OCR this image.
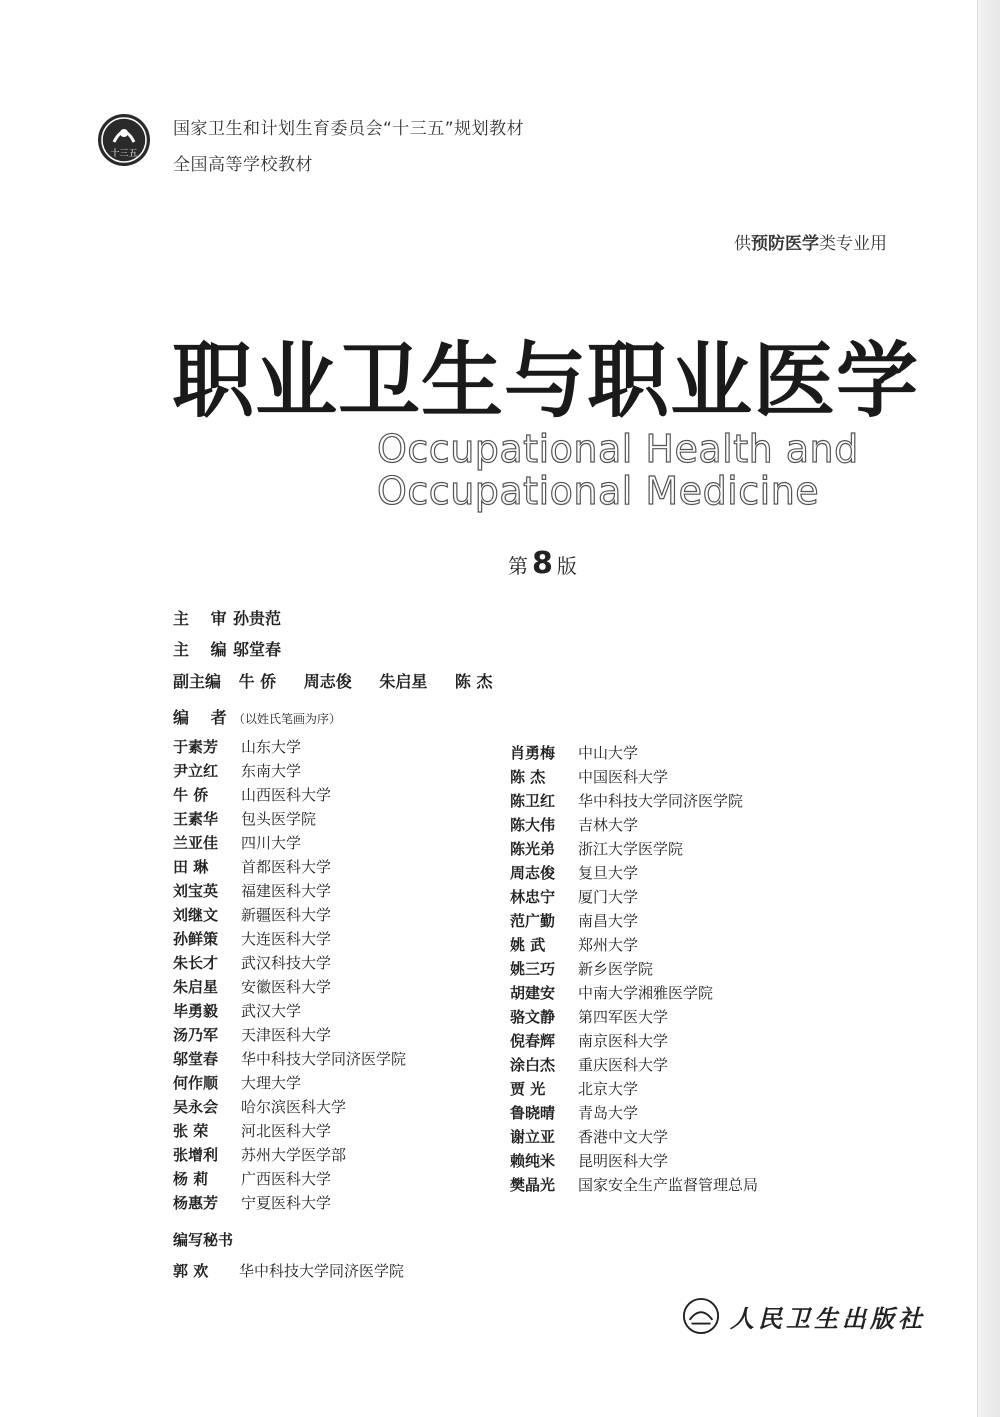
十三五
国家卫生和计划生育委员会“十三五”规划教材
全国高等学校教材
供预防医学类专业用
职业卫生与职业医学
Occupational Health and
Occupational Medicine
第 8 版
主 审孙贵范
主 编邬堂春
副主编 牛 侨 周志俊 朱启星 陈 杰
编 者（以姓氏笔画为序）
于素芳 山东大学
尹立红 东南大学
牛 侨 山西医科大学
王素华 包头医学院
兰亚佳 四川大学
田 琳 首都医科大学
刘宝英 福建医科大学
刘继文 新疆医科大学
孙鲜策 大连医科大学
朱长才 武汉科技大学
朱启星 安徽医科大学
毕勇毅 武汉大学
汤乃军 天津医科大学
邬堂春 华中科技大学同济医学院
何作顺 大理大学
吴永会 哈尔滨医科大学
张 荣 河北医科大学
张增利 苏州大学医学部
杨 莉 广西医科大学
杨惠芳 宁夏医科大学
肖勇梅 中山大学
陈 杰 中国医科大学
陈卫红 华中科技大学同济医学院
陈大伟 吉林大学
陈光弟 浙江大学医学院
周志俊 复旦大学
林忠宁 厦门大学
范广勤 南昌大学
姚 武 郑州大学
姚三巧 新乡医学院
胡建安 中南大学湘雅医学院
骆文静 第四军医大学
倪春辉 南京医科大学
涂白杰 重庆医科大学
贾 光 北京大学
鲁晓晴 青岛大学
谢立亚 香港中文大学
赖纯米 昆明医科大学
樊晶光 国家安全生产监督管理总局
编写秘书
郭 欢 华中科技大学同济医学院
人民卫生出版社
